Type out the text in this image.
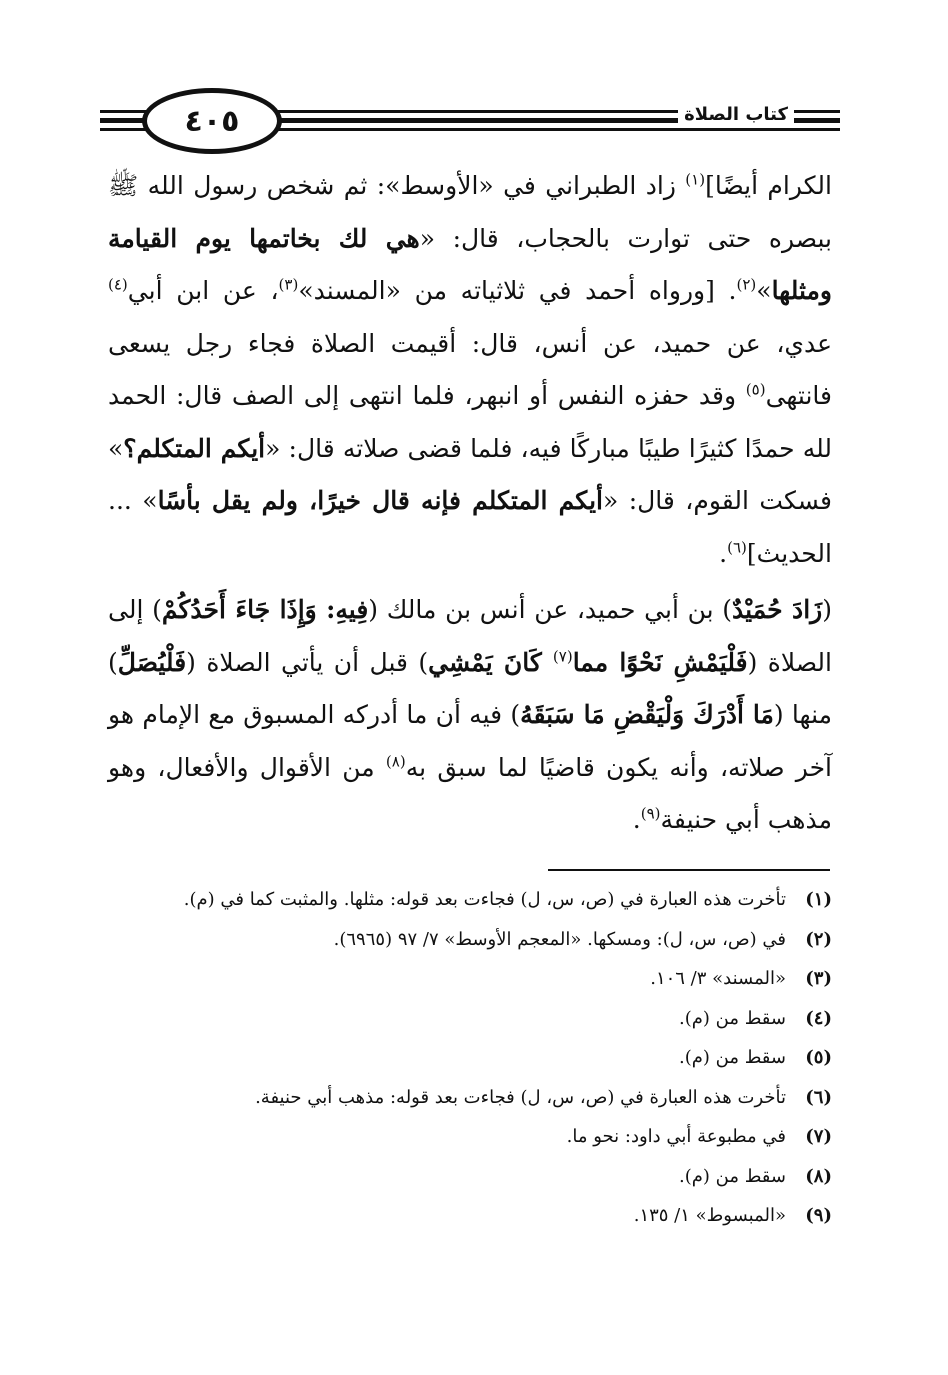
٤٠٥	كتاب الصلاة

الكرام أيضًا]$^{(١)}$ زاد الطبراني في «الأوسط»: ثم شخص رسول الله ﷺ ببصره حتى توارت بالحجاب، قال: «هي لك بخاتمها يوم القيامة ومثلها»$^{(٢)}$. [ورواه أحمد في ثلاثياته من «المسند»$^{(٣)}$، عن ابن أبي$^{(٤)}$ عدي، عن حميد، عن أنس، قال: أقيمت الصلاة فجاء رجل يسعى فانتهى$^{(٥)}$ وقد حفزه النفس أو انبهر، فلما انتهى إلى الصف قال: الحمد لله حمدًا كثيرًا طيبًا مباركًا فيه، فلما قضى صلاته قال: «أيكم المتكلم؟» فسكت القوم، قال: «أيكم المتكلم فإنه قال خيرًا، ولم يقل بأسًا» ... الحديث]$^{(٦)}$.

(زَادَ حُمَيْدٌ) بن أبي حميد، عن أنس بن مالك (فِيهِ: وَإِذَا جَاءَ أَحَدُكُمْ) إلى الصلاة (فَلْيَمْشِ نَحْوًا مما$^{(٧)}$ كَانَ يَمْشِي) قبل أن يأتي الصلاة (فَلْيُصَلِّ) منها (مَا أَدْرَكَ وَلْيَقْضِ مَا سَبَقَهُ) فيه أن ما أدركه المسبوق مع الإمام هو آخر صلاته، وأنه يكون قاضيًا لما سبق به$^{(٨)}$ من الأقوال والأفعال، وهو مذهب أبي حنيفة$^{(٩)}$.

(١)
تأخرت هذه العبارة في (ص، س، ل) فجاءت بعد قوله: مثلها. والمثبت كما في (م).
(٢)
في (ص، س، ل): ومسكها. «المعجم الأوسط» ٧/ ٩٧ (٦٩٦٥).
(٣)
«المسند» ٣/ ١٠٦.
(٤)
سقط من (م).
(٥)
سقط من (م).
(٦)
تأخرت هذه العبارة في (ص، س، ل) فجاءت بعد قوله: مذهب أبي حنيفة.
(٧)
في مطبوعة أبي داود: نحو ما.
(٨)
سقط من (م).
(٩)
«المبسوط» ١/ ١٣٥.
